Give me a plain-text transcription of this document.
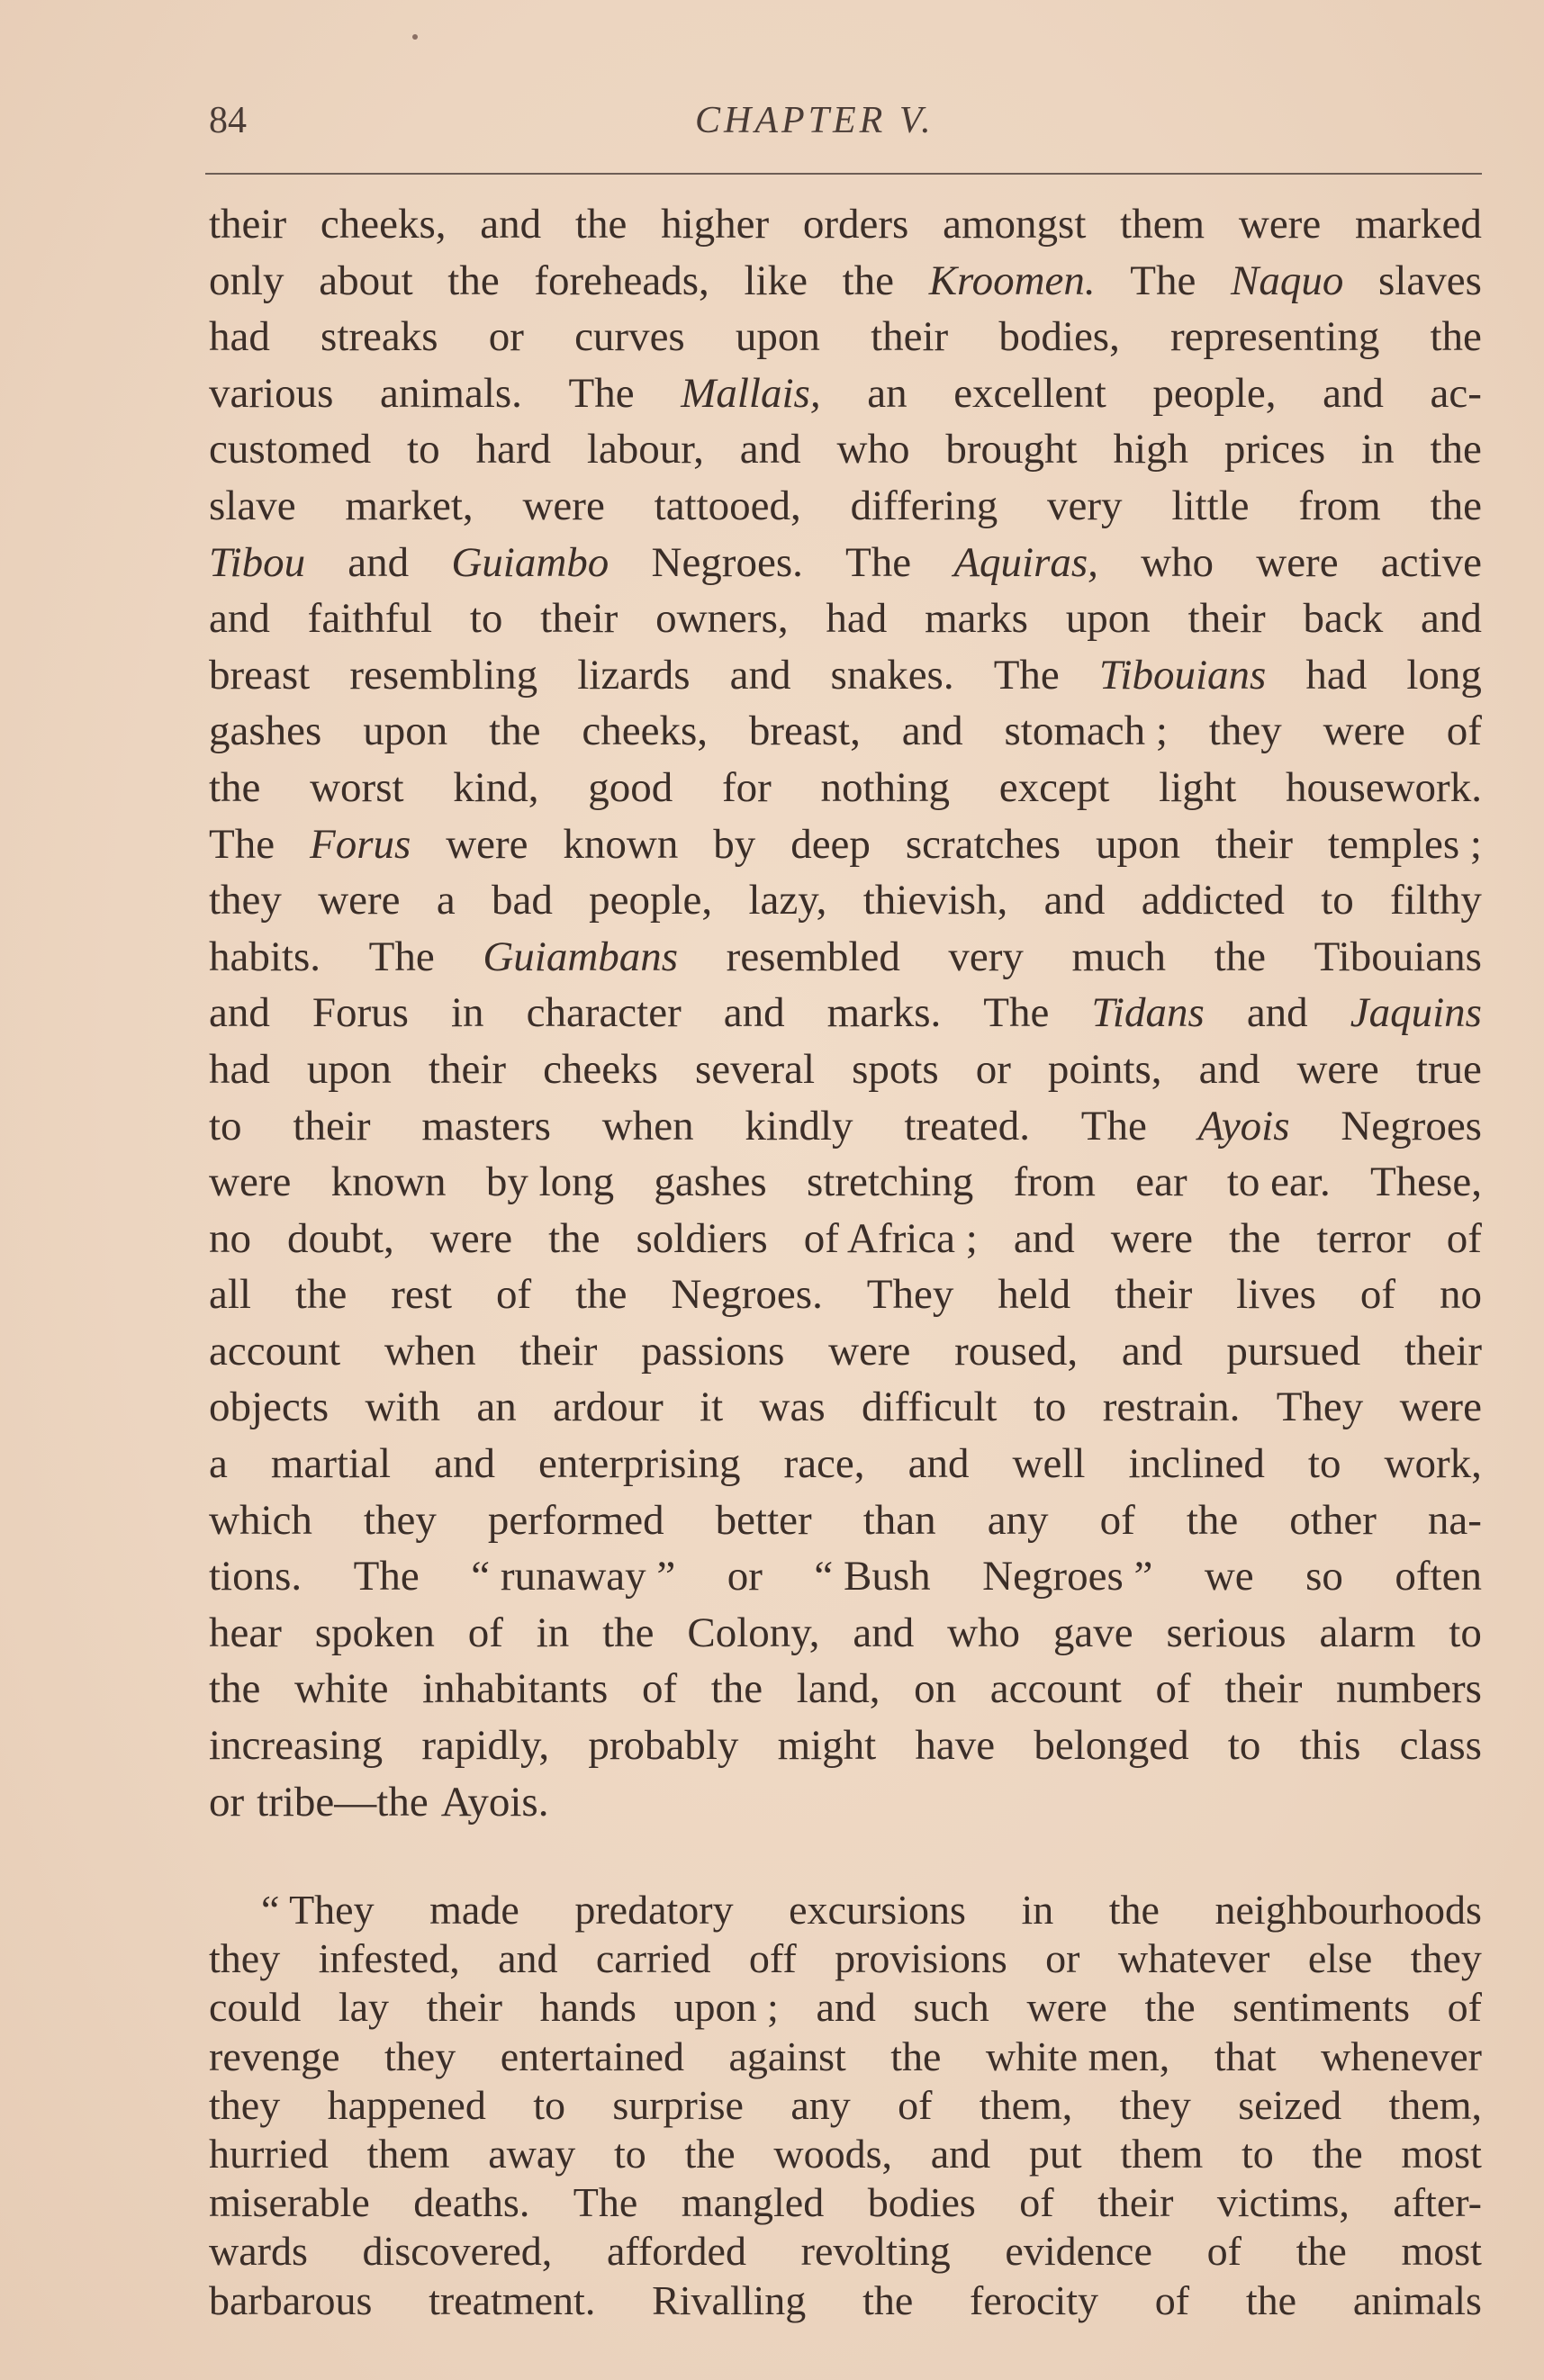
84	CHAPTER V.
their cheeks, and the higher orders amongst them were marked
only about the foreheads, like the Kroomen. The Naquo slaves
had streaks or curves upon their bodies, representing the
various animals. The Mallais, an excellent people, and ac-
customed to hard labour, and who brought high prices in the
slave market, were tattooed, differing very little from the
Tibou and Guiambo Negroes. The Aquiras, who were active
and faithful to their owners, had marks upon their back and
breast resembling lizards and snakes. The Tibouians had long
gashes upon the cheeks, breast, and stomach ; they were of
the worst kind, good for nothing except light housework.
The Forus were known by deep scratches upon their temples ;
they were a bad people, lazy, thievish, and addicted to filthy
habits. The Guiambans resembled very much the Tibouians
and Forus in character and marks. The Tidans and Jaquins
had upon their cheeks several spots or points, and were true
to their masters when kindly treated. The Ayois Negroes
were known by long gashes stretching from ear to ear. These,
no doubt, were the soldiers of Africa ; and were the terror of
all the rest of the Negroes. They held their lives of no
account when their passions were roused, and pursued their
objects with an ardour it was difficult to restrain. They were
a martial and enterprising race, and well inclined to work,
which they performed better than any of the other na-
tions. The “ runaway ” or “ Bush Negroes ” we so often
hear spoken of in the Colony, and who gave serious alarm to
the white inhabitants of the land, on account of their numbers
increasing rapidly, probably might have belonged to this class
or tribe—the Ayois.
“ They made predatory excursions in the neighbourhoods
they infested, and carried off provisions or whatever else they
could lay their hands upon ; and such were the sentiments of
revenge they entertained against the white men, that whenever
they happened to surprise any of them, they seized them,
hurried them away to the woods, and put them to the most
miserable deaths. The mangled bodies of their victims, after-
wards discovered, afforded revolting evidence of the most
barbarous treatment. Rivalling the ferocity of the animals
